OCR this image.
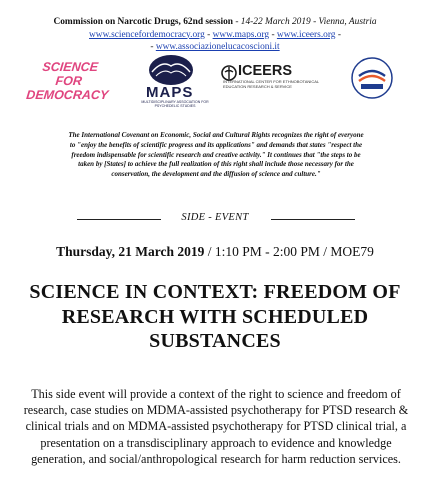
Commission on Narcotic Drugs, 62nd session - 14-22 March 2019 - Vienna, Austria
www.sciencefordemocracy.org - www.maps.org - www.iceers.org -
- www.associazionelucacoscioni.it
SCIENCE FOR
DEMOCRACY MAPS
MULTIDISCIPLINARY ASSOCIATION FOR PSYCHEDELIC STUDIES
ICEERS
INTERNATIONAL CENTER FOR ETHNOBOTANICAL EDUCATION RESEARCH & SERVICE
The International Covenant on Economic, Social and Cultural Rights recognizes the right of everyone to "enjoy the benefits of scientific progress and its applications" and demands that states "respect the freedom indispensable for scientific research and creative activity." It continues that "the steps to be taken by [States] to achieve the full realization of this right shall include those necessary for the conservation, the development and the diffusion of science and culture."
SIDE - EVENT
Thursday, 21 March 2019 / 1:10 PM - 2:00 PM / MOE79
SCIENCE IN CONTEXT: FREEDOM OF RESEARCH WITH SCHEDULED SUBSTANCES
This side event will provide a context of the right to science and freedom of research, case studies on MDMA-assisted psychotherapy for PTSD research & clinical trials and on MDMA-assisted psychotherapy for PTSD clinical trial, a presentation on a transdisciplinary approach to evidence and knowledge generation, and social/anthropological research for harm reduction services.
